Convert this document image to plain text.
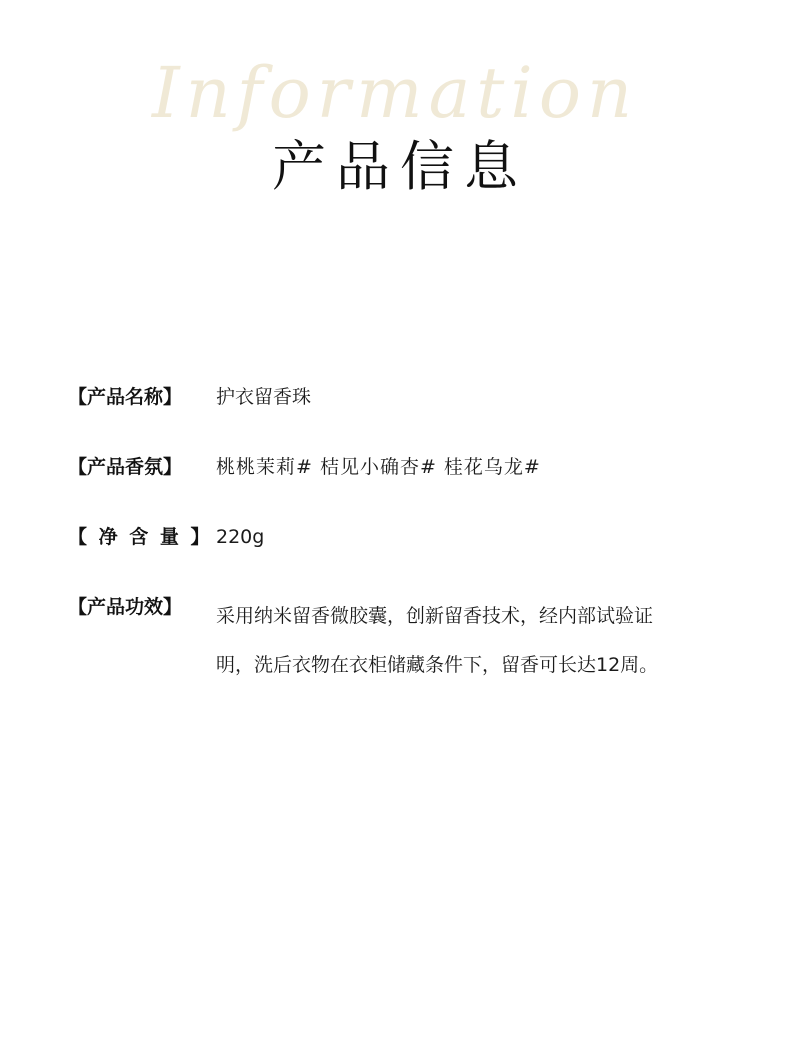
Information
产品信息
【产品名称】	护衣留香珠
【产品香氛】	桃桃茉莉# 桔见小确杏# 桂花乌龙#
【 净 含 量 】 220g
【产品功效】	采用纳米留香微胶囊，创新留香技术，经内部试验证明，洗后衣物在衣柜储藏条件下，留香可长达12周。
